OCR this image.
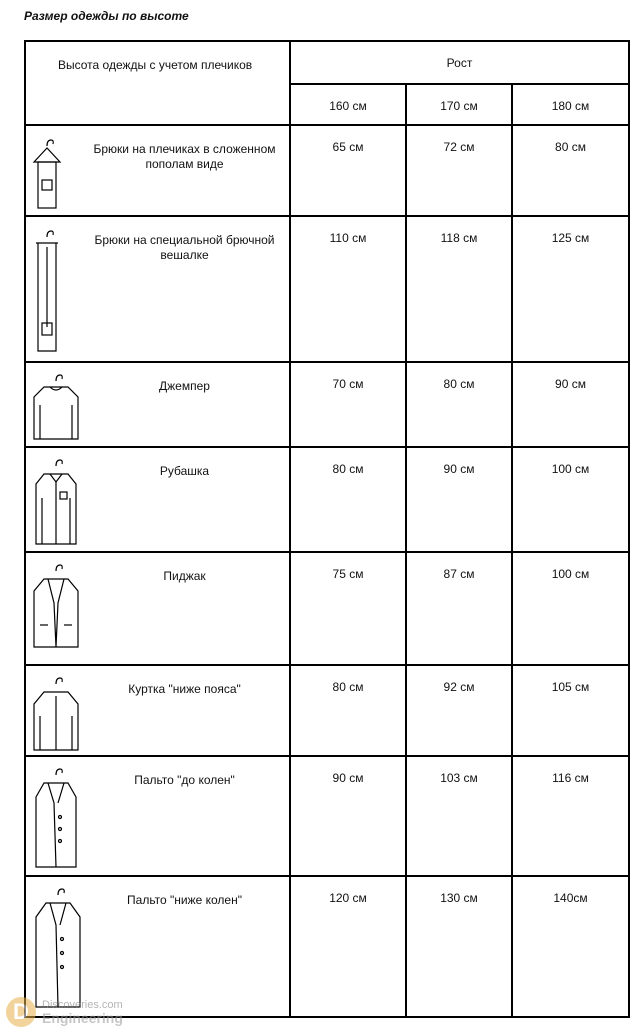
Размер одежды по высоте
Высота одежды с учетом плечиков	Рост		
	160 см	170 см	180 см

Брюки на плечиках в сложенном пополам виде	65 см	72 см	80 см

Брюки на специальной брючной вешалке	110 см	118 см	125 см

Джемпер	70 см	80 см	90 см

Рубашка	80 см	90 см	100 см

Пиджак	75 см	87 см	100 см

Куртка "ниже пояса"	80 см	92 см	105 см

Пальто "до колен"	90 см	103 см	116 см

Пальто "ниже колен"	120 см	130 см	140см
D	Discoveries.com
Engineering
